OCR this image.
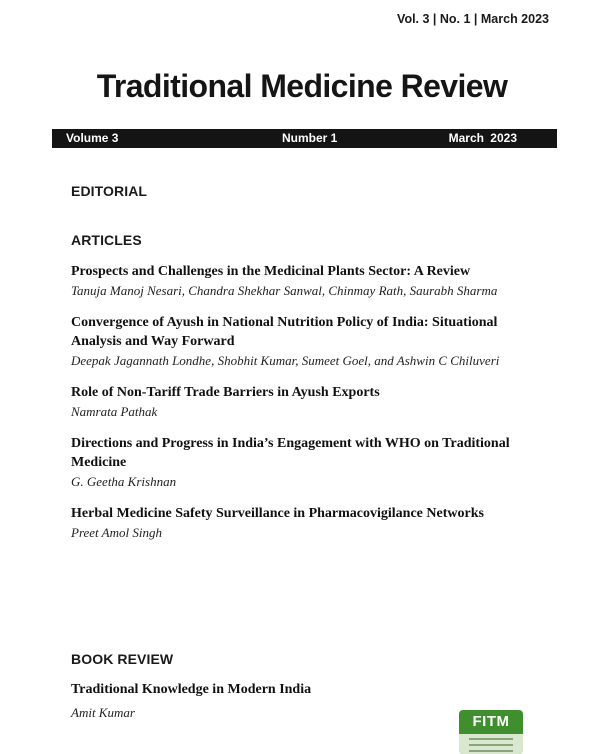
Vol. 3 | No. 1 | March 2023
Traditional Medicine Review
Volume 3	Number 1	March 2023
EDITORIAL
ARTICLES
Prospects and Challenges in the Medicinal Plants Sector: A Review
Tanuja Manoj Nesari, Chandra Shekhar Sanwal, Chinmay Rath, Saurabh Sharma
Convergence of Ayush in National Nutrition Policy of India: Situational Analysis and Way Forward
Deepak Jagannath Londhe, Shobhit Kumar, Sumeet Goel, and Ashwin C Chiluveri
Role of Non-Tariff Trade Barriers in Ayush Exports
Namrata Pathak
Directions and Progress in India’s Engagement with WHO on Traditional Medicine
G. Geetha Krishnan
Herbal Medicine Safety Surveillance in Pharmacovigilance Networks
Preet Amol Singh
BOOK REVIEW
Traditional Knowledge in Modern India
Amit Kumar
FITM
